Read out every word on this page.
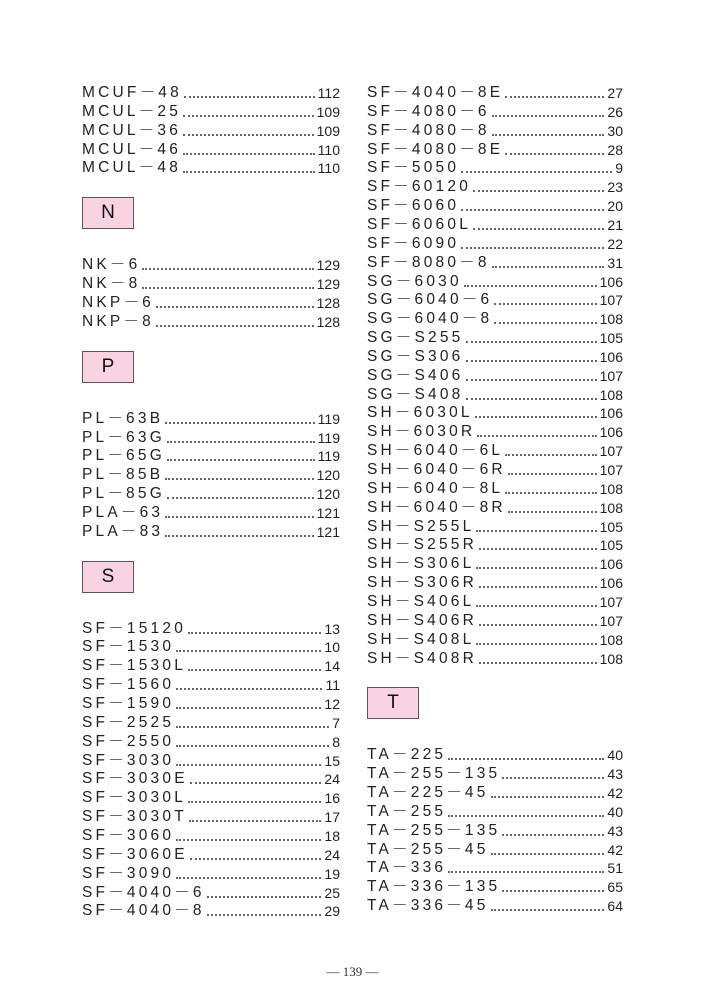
MCUF－48	112
MCUL－25	109
MCUL－36	109
MCUL－46	110
MCUL－48	110
N
NK－6	129
NK－8	129
NKP－6	128
NKP－8	128
P
PL－63B	119
PL－63G	119
PL－65G	119
PL－85B	120
PL－85G	120
PLA－63	121
PLA－83	121
S
SF－15120	13
SF－1530	10
SF－1530L	14
SF－1560	11
SF－1590	12
SF－2525	7
SF－2550	8
SF－3030	15
SF－3030E	24
SF－3030L	16
SF－3030T	17
SF－3060	18
SF－3060E	24
SF－3090	19
SF－4040－6	25
SF－4040－8	29
SF－4040－8E	27
SF－4080－6	26
SF－4080－8	30
SF－4080－8E	28
SF－5050	9
SF－60120	23
SF－6060	20
SF－6060L	21
SF－6090	22
SF－8080－8	31
SG－6030	106
SG－6040－6	107
SG－6040－8	108
SG－S255	105
SG－S306	106
SG－S406	107
SG－S408	108
SH－6030L	106
SH－6030R	106
SH－6040－6L	107
SH－6040－6R	107
SH－6040－8L	108
SH－6040－8R	108
SH－S255L	105
SH－S255R	105
SH－S306L	106
SH－S306R	106
SH－S406L	107
SH－S406R	107
SH－S408L	108
SH－S408R	108
T
TA－225	40
TA－255－135	43
TA－225－45	42
TA－255	40
TA－255－135	43
TA－255－45	42
TA－336	51
TA－336－135	65
TA－336－45	64
— 139 —
